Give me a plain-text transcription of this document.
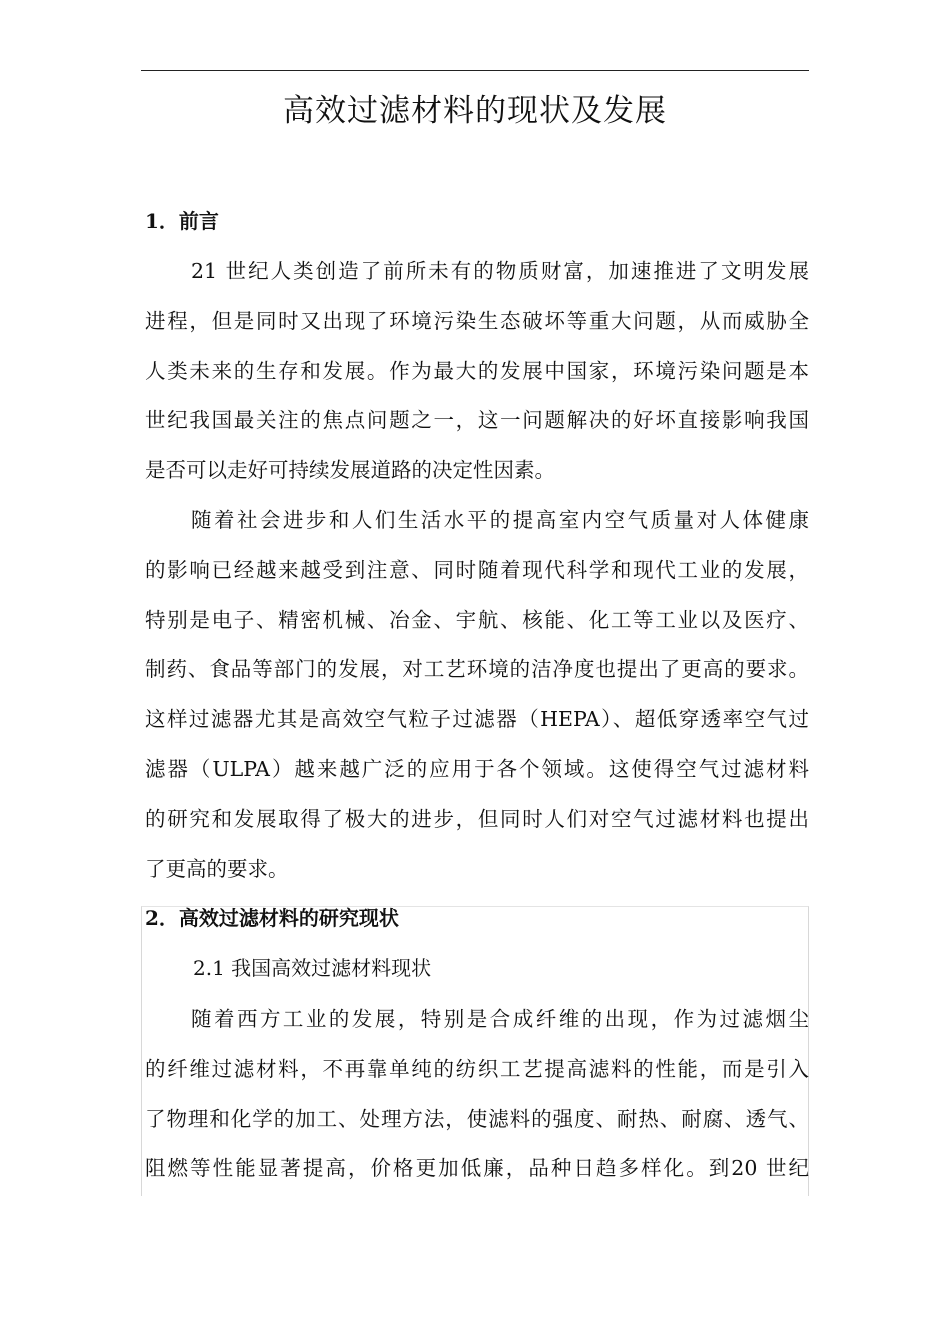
高效过滤材料的现状及发展
1．前言
21 世纪人类创造了前所未有的物质财富，加速推进了文明发展
进程，但是同时又出现了环境污染生态破坏等重大问题，从而威胁全
人类未来的生存和发展。作为最大的发展中国家，环境污染问题是本
世纪我国最关注的焦点问题之一，这一问题解决的好坏直接影响我国
是否可以走好可持续发展道路的决定性因素。
随着社会进步和人们生活水平的提高室内空气质量对人体健康
的影响已经越来越受到注意、同时随着现代科学和现代工业的发展，
特别是电子、精密机械、冶金、宇航、核能、化工等工业以及医疗、
制药、食品等部门的发展，对工艺环境的洁净度也提出了更高的要求。
这样过滤器尤其是高效空气粒子过滤器（HEPA）、超低穿透率空气过
滤器（ULPA）越来越广泛的应用于各个领域。这使得空气过滤材料
的研究和发展取得了极大的进步，但同时人们对空气过滤材料也提出
了更高的要求。
2．高效过滤材料的研究现状
2.1 我国高效过滤材料现状
随着西方工业的发展，特别是合成纤维的出现，作为过滤烟尘
的纤维过滤材料，不再靠单纯的纺织工艺提高滤料的性能，而是引入
了物理和化学的加工、处理方法，使滤料的强度、耐热、耐腐、透气、
阻燃等性能显著提高，价格更加低廉，品种日趋多样化。到20 世纪
